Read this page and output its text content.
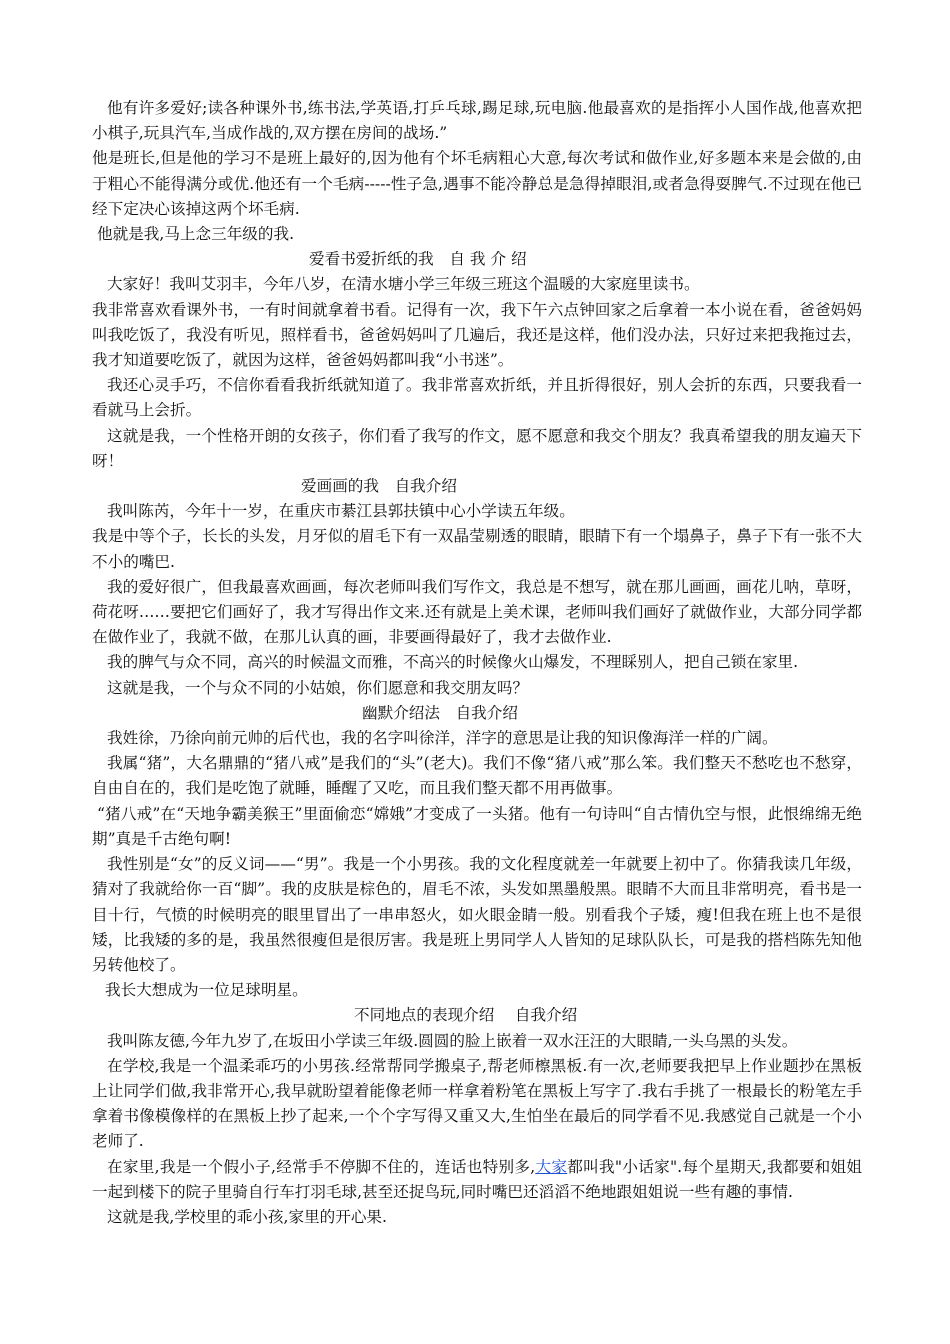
他有许多爱好;读各种课外书,练书法,学英语,打乒乓球,踢足球,玩电脑.他最喜欢的是指挥小人国作战,他喜欢把小棋子,玩具汽车,当成作战的,双方摆在房间的战场.”

他是班长,但是他的学习不是班上最好的,因为他有个坏毛病粗心大意,每次考试和做作业,好多题本来是会做的,由于粗心不能得满分或优.他还有一个毛病-----性子急,遇事不能冷静总是急得掉眼泪,或者急得耍脾气.不过现在他已经下定决心该掉这两个坏毛病.

他就是我,马上念三年级的我.

爱看书爱折纸的我　自 我 介 绍

大家好！我叫艾羽丰，今年八岁，在清水塘小学三年级三班这个温暖的大家庭里读书。

我非常喜欢看课外书，一有时间就拿着书看。记得有一次，我下午六点钟回家之后拿着一本小说在看，爸爸妈妈叫我吃饭了，我没有听见，照样看书，爸爸妈妈叫了几遍后，我还是这样，他们没办法，只好过来把我拖过去，我才知道要吃饭了，就因为这样，爸爸妈妈都叫我“小书迷”。

我还心灵手巧，不信你看看我折纸就知道了。我非常喜欢折纸，并且折得很好，别人会折的东西，只要我看一看就马上会折。

这就是我，一个性格开朗的女孩子，你们看了我写的作文，愿不愿意和我交个朋友？我真希望我的朋友遍天下呀！

爱画画的我　自我介绍

我叫陈芮，今年十一岁，在重庆市綦江县郭扶镇中心小学读五年级。

我是中等个子，长长的头发，月牙似的眉毛下有一双晶莹剔透的眼睛，眼睛下有一个塌鼻子，鼻子下有一张不大不小的嘴巴.

我的爱好很广，但我最喜欢画画，每次老师叫我们写作文，我总是不想写，就在那儿画画，画花儿呐，草呀，荷花呀……要把它们画好了，我才写得出作文来.还有就是上美术课，老师叫我们画好了就做作业，大部分同学都在做作业了，我就不做，在那儿认真的画，非要画得最好了，我才去做作业.

我的脾气与众不同，高兴的时候温文而雅，不高兴的时候像火山爆发，不理睬别人，把自己锁在家里.

这就是我，一个与众不同的小姑娘，你们愿意和我交朋友吗？

幽默介绍法　自我介绍

我姓徐，乃徐向前元帅的后代也，我的名字叫徐洋，洋字的意思是让我的知识像海洋一样的广阔。

我属“猪”，大名鼎鼎的“猪八戒”是我们的“头”(老大)。我们不像“猪八戒”那么笨。我们整天不愁吃也不愁穿，自由自在的，我们是吃饱了就睡，睡醒了又吃，而且我们整天都不用再做事。

“猪八戒”在“天地争霸美猴王”里面偷恋“嫦娥”才变成了一头猪。他有一句诗叫“自古情仇空与恨，此恨绵绵无绝期”真是千古绝句啊!

我性别是“女”的反义词——“男”。我是一个小男孩。我的文化程度就差一年就要上初中了。你猜我读几年级，猜对了我就给你一百“脚”。我的皮肤是棕色的，眉毛不浓，头发如黑墨般黑。眼睛不大而且非常明亮，看书是一目十行，气愤的时候明亮的眼里冒出了一串串怒火，如火眼金睛一般。别看我个子矮，瘦!但我在班上也不是很矮，比我矮的多的是，我虽然很瘦但是很厉害。我是班上男同学人人皆知的足球队队长，可是我的搭档陈先知他另转他校了。

我长大想成为一位足球明星。

不同地点的表现介绍　 自我介绍

我叫陈友德,今年九岁了,在坂田小学读三年级.圆圆的脸上嵌着一双水汪汪的大眼睛,一头乌黑的头发。

在学校,我是一个温柔乖巧的小男孩.经常帮同学搬桌子,帮老师檫黑板.有一次,老师要我把早上作业题抄在黑板上让同学们做,我非常开心,我早就盼望着能像老师一样拿着粉笔在黑板上写字了.我右手挑了一根最长的粉笔左手拿着书像模像样的在黑板上抄了起来,一个个字写得又重又大,生怕坐在最后的同学看不见.我感觉自己就是一个小老师了.

在家里,我是一个假小子,经常手不停脚不住的，连话也特别多,大家都叫我"小话家".每个星期天,我都要和姐姐一起到楼下的院子里骑自行车打羽毛球,甚至还捉鸟玩,同时嘴巴还滔滔不绝地跟姐姐说一些有趣的事情.

这就是我,学校里的乖小孩,家里的开心果.
